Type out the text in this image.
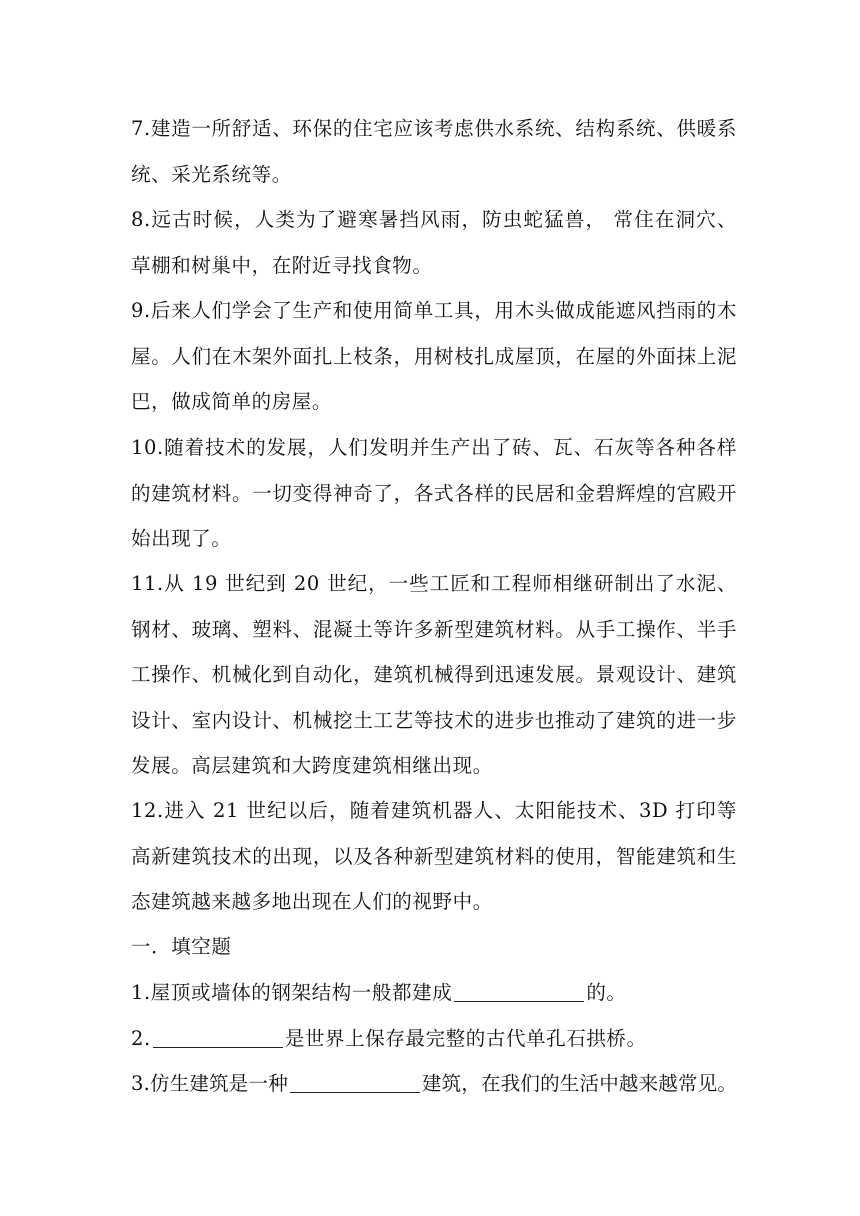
7.建造一所舒适、环保的住宅应该考虑供水系统、结构系统、供暖系统、采光系统等。

8.远古时候，人类为了避寒暑挡风雨，防虫蛇猛兽， 常住在洞穴、草棚和树巢中，在附近寻找食物。

9.后来人们学会了生产和使用简单工具，用木头做成能遮风挡雨的木屋。人们在木架外面扎上枝条，用树枝扎成屋顶，在屋的外面抹上泥巴，做成简单的房屋。

10.随着技术的发展，人们发明并生产出了砖、瓦、石灰等各种各样的建筑材料。一切变得神奇了，各式各样的民居和金碧辉煌的宫殿开始出现了。

11.从 19 世纪到 20 世纪，一些工匠和工程师相继研制出了水泥、钢材、玻璃、塑料、混凝土等许多新型建筑材料。从手工操作、半手工操作、机械化到自动化，建筑机械得到迅速发展。景观设计、建筑设计、室内设计、机械挖土工艺等技术的进步也推动了建筑的进一步发展。高层建筑和大跨度建筑相继出现。

12.进入 21 世纪以后，随着建筑机器人、太阳能技术、3D 打印等高新建筑技术的出现，以及各种新型建筑材料的使用，智能建筑和生态建筑越来越多地出现在人们的视野中。

一．填空题

1.屋顶或墙体的钢架结构一般都建成	的。

2.	是世界上保存最完整的古代单孔石拱桥。

3.仿生建筑是一种	建筑，在我们的生活中越来越常见。
